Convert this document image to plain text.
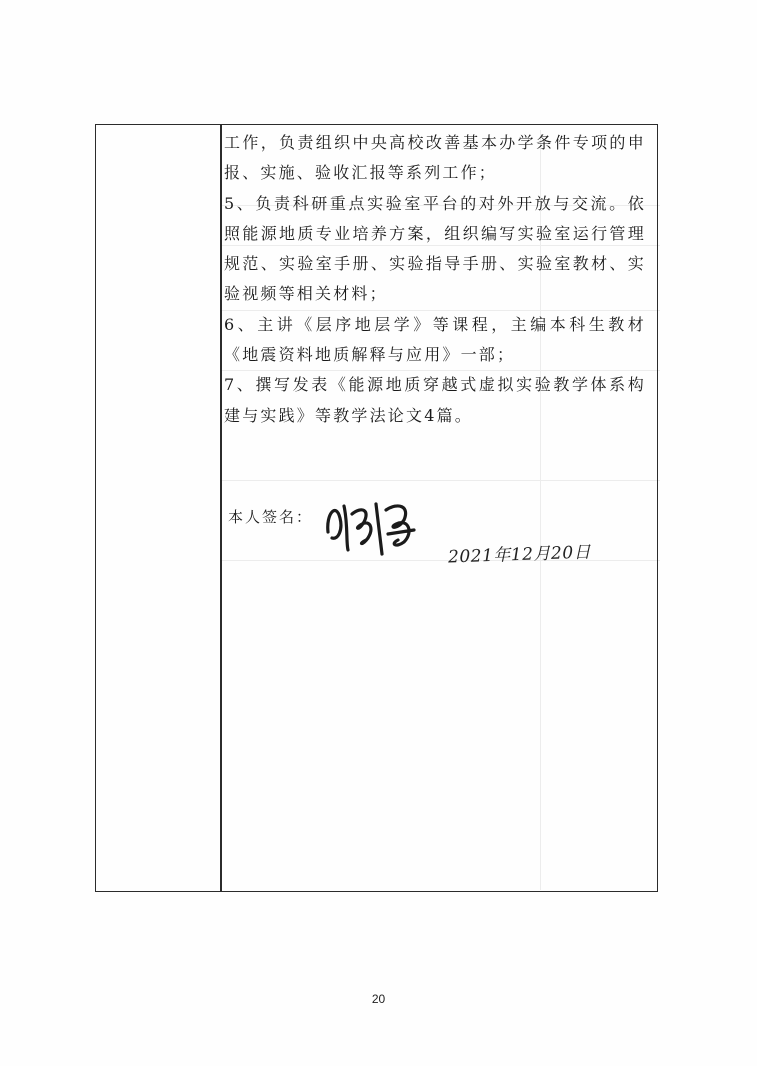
工作，负责组织中央高校改善基本办学条件专项的申报、实施、验收汇报等系列工作；

5、负责科研重点实验室平台的对外开放与交流。依照能源地质专业培养方案，组织编写实验室运行管理规范、实验室手册、实验指导手册、实验室教材、实验视频等相关材料；

6、主讲《层序地层学》等课程，主编本科生教材《地震资料地质解释与应用》一部；

7、撰写发表《能源地质穿越式虚拟实验教学体系构建与实践》等教学法论文4篇。

本人签名：
2021年12月20日
20
